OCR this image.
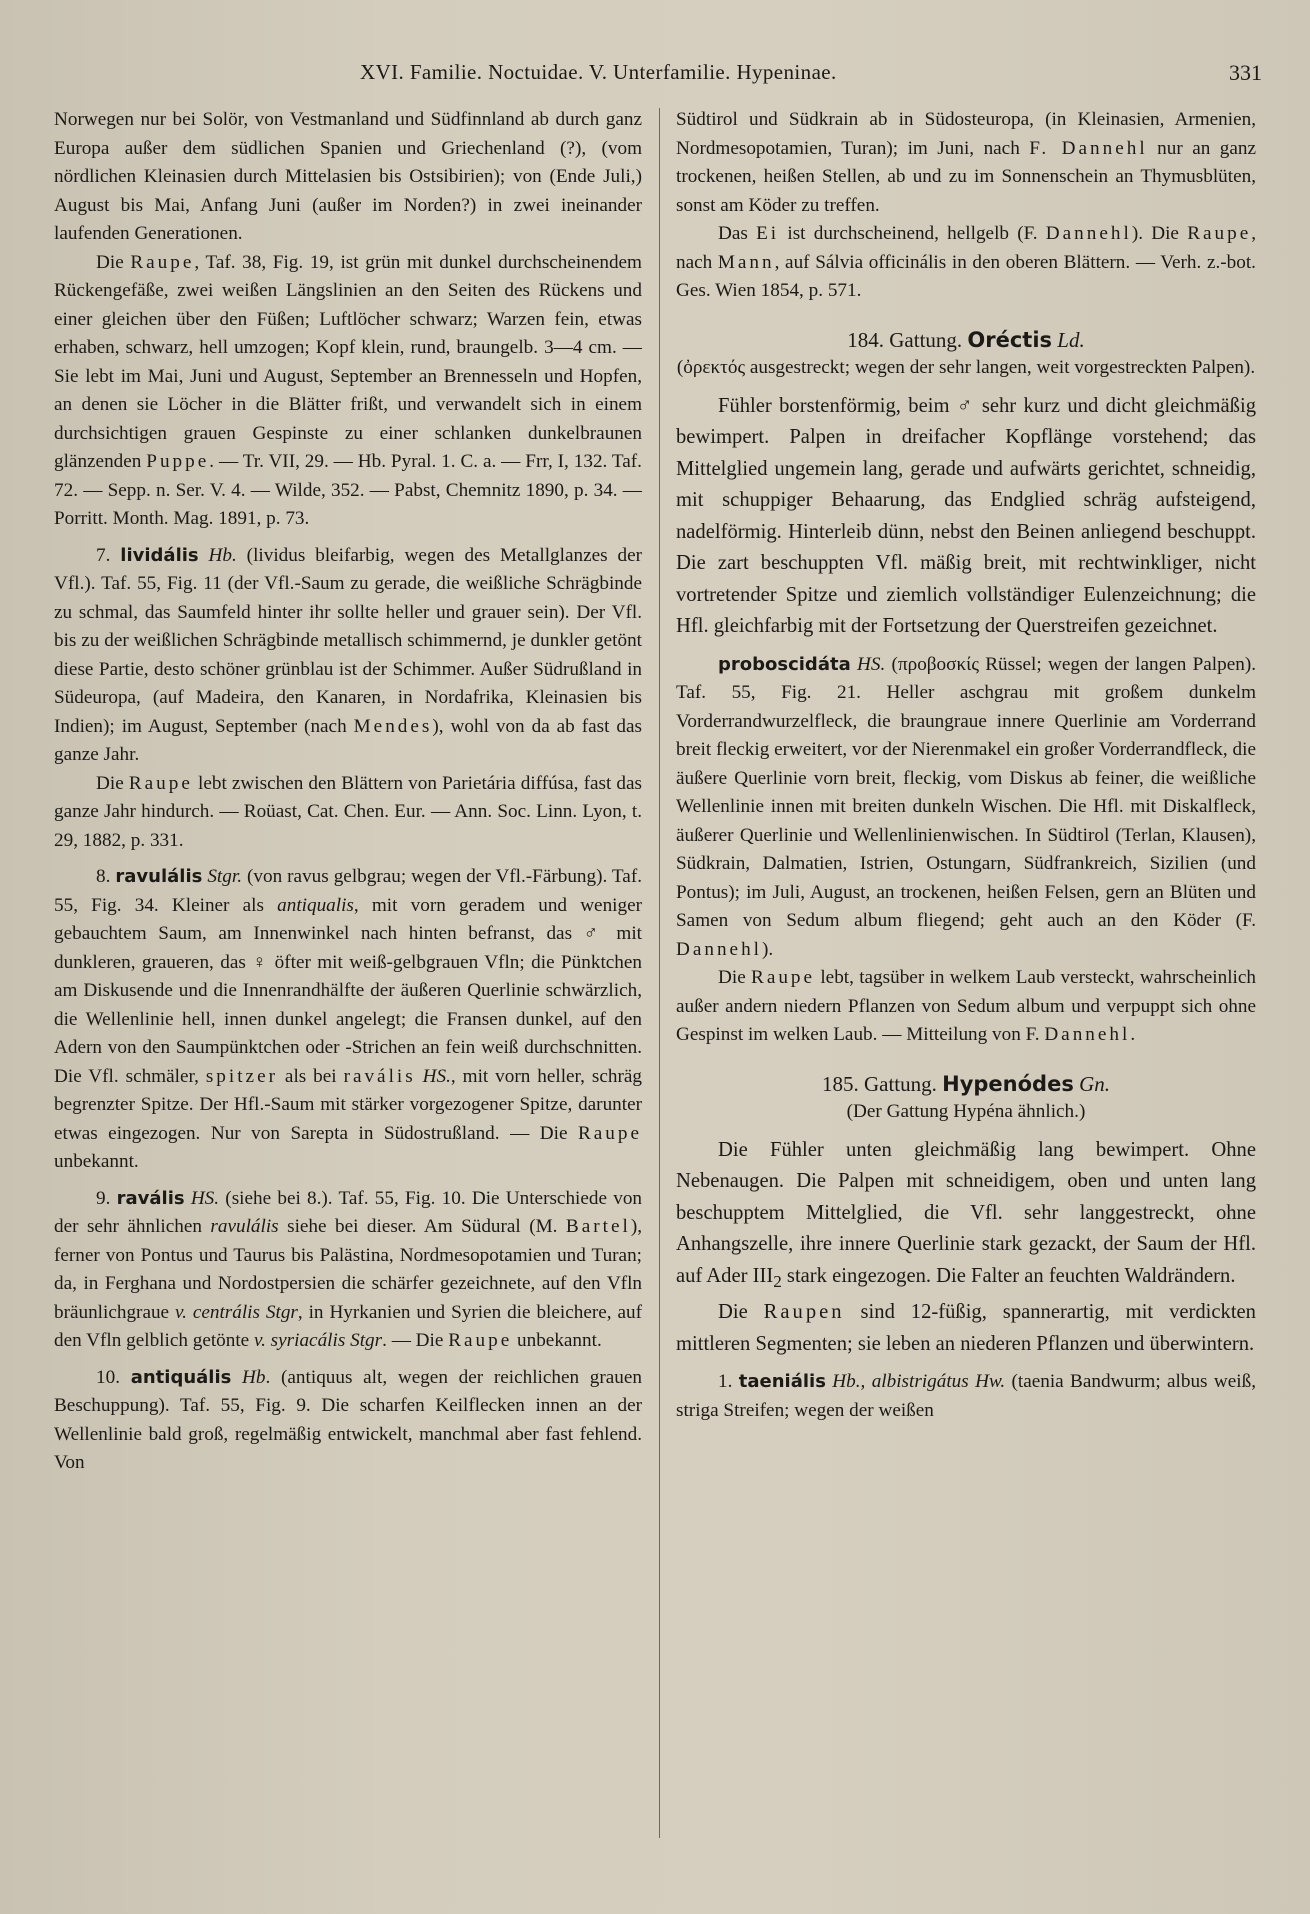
XVI. Familie. Noctuidae. V. Unterfamilie. Hypeninae.	331

Norwegen nur bei Solör, von Vestmanland und Südfinnland ab durch ganz Europa außer dem südlichen Spanien und Griechenland (?), (vom nördlichen Kleinasien durch Mittelasien bis Ostsibirien); von (Ende Juli,) August bis Mai, Anfang Juni (außer im Norden?) in zwei ineinander laufenden Generationen.

Die Raupe, Taf. 38, Fig. 19, ist grün mit dunkel durchscheinendem Rückengefäße, zwei weißen Längslinien an den Seiten des Rückens und einer gleichen über den Füßen; Luftlöcher schwarz; Warzen fein, etwas erhaben, schwarz, hell umzogen; Kopf klein, rund, braungelb. 3—4 cm. — Sie lebt im Mai, Juni und August, September an Brennesseln und Hopfen, an denen sie Löcher in die Blätter frißt, und verwandelt sich in einem durchsichtigen grauen Gespinste zu einer schlanken dunkelbraunen glänzenden Puppe. — Tr. VII, 29. — Hb. Pyral. 1. C. a. — Frr, I, 132. Taf. 72. — Sepp. n. Ser. V. 4. — Wilde, 352. — Pabst, Chemnitz 1890, p. 34. — Porritt. Month. Mag. 1891, p. 73.

7. lividális Hb. (lividus bleifarbig, wegen des Metallglanzes der Vfl.). Taf. 55, Fig. 11 (der Vfl.-Saum zu gerade, die weißliche Schrägbinde zu schmal, das Saumfeld hinter ihr sollte heller und grauer sein). Der Vfl. bis zu der weißlichen Schrägbinde metallisch schimmernd, je dunkler getönt diese Partie, desto schöner grünblau ist der Schimmer. Außer Südrußland in Südeuropa, (auf Madeira, den Kanaren, in Nordafrika, Kleinasien bis Indien); im August, September (nach Mendes), wohl von da ab fast das ganze Jahr.

Die Raupe lebt zwischen den Blättern von Parietária diffúsa, fast das ganze Jahr hindurch. — Roüast, Cat. Chen. Eur. — Ann. Soc. Linn. Lyon, t. 29, 1882, p. 331.

8. ravulális Stgr. (von ravus gelbgrau; wegen der Vfl.-Färbung). Taf. 55, Fig. 34. Kleiner als antiqualis, mit vorn geradem und weniger gebauchtem Saum, am Innenwinkel nach hinten befranst, das ♂ mit dunkleren, graueren, das ♀ öfter mit weiß-gelbgrauen Vfln; die Pünktchen am Diskusende und die Innenrandhälfte der äußeren Querlinie schwärzlich, die Wellenlinie hell, innen dunkel angelegt; die Fransen dunkel, auf den Adern von den Saumpünktchen oder -Strichen an fein weiß durchschnitten. Die Vfl. schmäler, spitzer als bei ravális HS., mit vorn heller, schräg begrenzter Spitze. Der Hfl.-Saum mit stärker vorgezogener Spitze, darunter etwas eingezogen. Nur von Sarepta in Südostrußland. — Die Raupe unbekannt.

9. ravális HS. (siehe bei 8.). Taf. 55, Fig. 10. Die Unterschiede von der sehr ähnlichen ravulális siehe bei dieser. Am Südural (M. Bartel), ferner von Pontus und Taurus bis Palästina, Nordmesopotamien und Turan; da, in Ferghana und Nordostpersien die schärfer gezeichnete, auf den Vfln bräunlichgraue v. centrális Stgr, in Hyrkanien und Syrien die bleichere, auf den Vfln gelblich getönte v. syriacális Stgr. — Die Raupe unbekannt.

10. antiquális Hb. (antiquus alt, wegen der reichlichen grauen Beschuppung). Taf. 55, Fig. 9. Die scharfen Keilflecken innen an der Wellenlinie bald groß, regelmäßig entwickelt, manchmal aber fast fehlend. Von

Südtirol und Südkrain ab in Südosteuropa, (in Kleinasien, Armenien, Nordmesopotamien, Turan); im Juni, nach F. Dannehl nur an ganz trockenen, heißen Stellen, ab und zu im Sonnenschein an Thymusblüten, sonst am Köder zu treffen.

Das Ei ist durchscheinend, hellgelb (F. Dannehl). Die Raupe, nach Mann, auf Sálvia officinális in den oberen Blättern. — Verh. z.-bot. Ges. Wien 1854, p. 571.

184. Gattung. Oréctis Ld.

(ὀρεκτός ausgestreckt; wegen der sehr langen, weit vorgestreckten Palpen).

Fühler borstenförmig, beim ♂ sehr kurz und dicht gleichmäßig bewimpert. Palpen in dreifacher Kopflänge vorstehend; das Mittelglied ungemein lang, gerade und aufwärts gerichtet, schneidig, mit schuppiger Behaarung, das Endglied schräg aufsteigend, nadelförmig. Hinterleib dünn, nebst den Beinen anliegend beschuppt. Die zart beschuppten Vfl. mäßig breit, mit rechtwinkliger, nicht vortretender Spitze und ziemlich vollständiger Eulenzeichnung; die Hfl. gleichfarbig mit der Fortsetzung der Querstreifen gezeichnet.

proboscidáta HS. (προβοσκίς Rüssel; wegen der langen Palpen). Taf. 55, Fig. 21. Heller aschgrau mit großem dunkelm Vorderrandwurzelfleck, die braungraue innere Querlinie am Vorderrand breit fleckig erweitert, vor der Nierenmakel ein großer Vorderrandfleck, die äußere Querlinie vorn breit, fleckig, vom Diskus ab feiner, die weißliche Wellenlinie innen mit breiten dunkeln Wischen. Die Hfl. mit Diskalfleck, äußerer Querlinie und Wellenlinienwischen. In Südtirol (Terlan, Klausen), Südkrain, Dalmatien, Istrien, Ostungarn, Südfrankreich, Sizilien (und Pontus); im Juli, August, an trockenen, heißen Felsen, gern an Blüten und Samen von Sedum album fliegend; geht auch an den Köder (F. Dannehl).

Die Raupe lebt, tagsüber in welkem Laub versteckt, wahrscheinlich außer andern niedern Pflanzen von Sedum album und verpuppt sich ohne Gespinst im welken Laub. — Mitteilung von F. Dannehl.

185. Gattung. Hypenódes Gn.

(Der Gattung Hypéna ähnlich.)

Die Fühler unten gleichmäßig lang bewimpert. Ohne Nebenaugen. Die Palpen mit schneidigem, oben und unten lang beschupptem Mittelglied, die Vfl. sehr langgestreckt, ohne Anhangszelle, ihre innere Querlinie stark gezackt, der Saum der Hfl. auf Ader $III_2$ stark eingezogen. Die Falter an feuchten Waldrändern.

Die Raupen sind 12-füßig, spannerartig, mit verdickten mittleren Segmenten; sie leben an niederen Pflanzen und überwintern.

1. taeniális Hb., albistrigátus Hw. (taenia Bandwurm; albus weiß, striga Streifen; wegen der weißen
